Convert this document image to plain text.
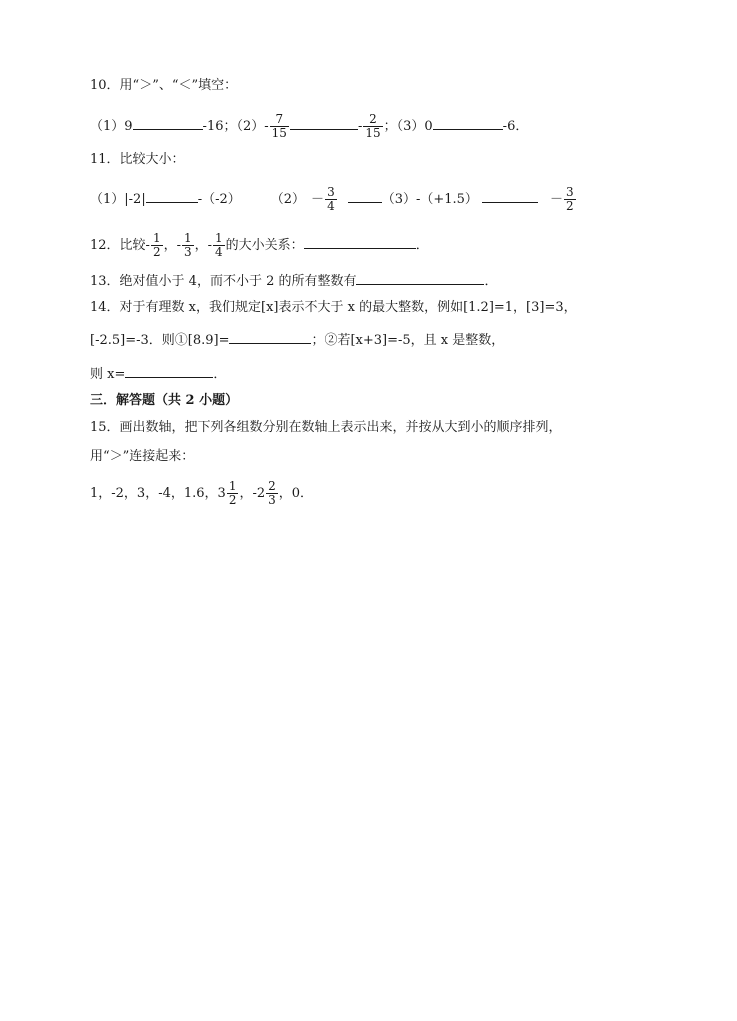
10．用“＞”、“＜”填空：
（1）9	-16；$(2)- \frac{7}{15}$	- $\frac{2}{15}$ ；（3）0	-6．
11．比较大小：
（1）|-2|	-（-2） $(2) - \frac{3}{4}$	（3）-（+1.5）	－ $\frac{3}{2}$
12．比较- $\frac{1}{2}$ ，- $\frac{1}{3}$ ，- $\frac{1}{4}$ 的大小关系：	．
13．绝对值小于 4，而不小于 2 的所有整数有	．
14．对于有理数 x，我们规定[x]表示不大于 x 的最大整数，例如[1.2]=1，[3]=3，
[-2.5]=-3．则①[8.9]=	；②若[x+3]=-5，且 x 是整数，
则 x=	．
三．解答题（共 2 小题）
15．画出数轴，把下列各组数分别在数轴上表示出来，并按从大到小的顺序排列，
用“＞”连接起来：
1，-2，3，-4，1.6，$3 \frac{1}{2}$ ，$-2 \frac{2}{3}$ ，0．
